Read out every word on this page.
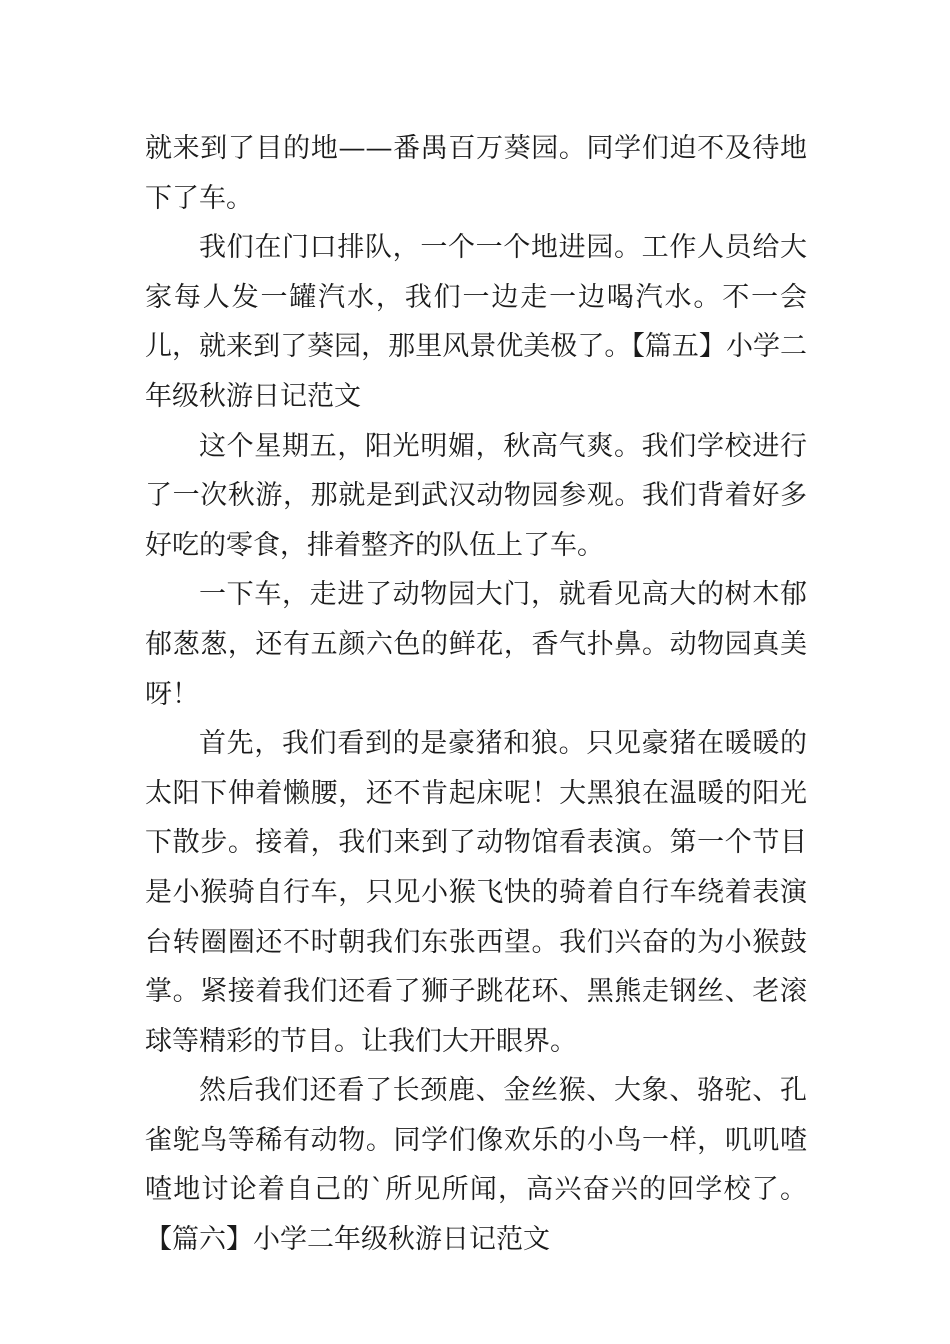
就来到了目的地——番禺百万葵园。同学们迫不及待地下了车。

我们在门口排队，一个一个地进园。工作人员给大家每人发一罐汽水，我们一边走一边喝汽水。不一会儿，就来到了葵园，那里风景优美极了。【篇五】小学二年级秋游日记范文

这个星期五，阳光明媚，秋高气爽。我们学校进行了一次秋游，那就是到武汉动物园参观。我们背着好多好吃的零食，排着整齐的队伍上了车。

一下车，走进了动物园大门，就看见高大的树木郁郁葱葱，还有五颜六色的鲜花，香气扑鼻。动物园真美呀！

首先，我们看到的是豪猪和狼。只见豪猪在暖暖的太阳下伸着懒腰，还不肯起床呢！大黑狼在温暖的阳光下散步。接着，我们来到了动物馆看表演。第一个节目是小猴骑自行车，只见小猴飞快的骑着自行车绕着表演台转圈圈还不时朝我们东张西望。我们兴奋的为小猴鼓掌。紧接着我们还看了狮子跳花环、黑熊走钢丝、老滚球等精彩的节目。让我们大开眼界。

然后我们还看了长颈鹿、金丝猴、大象、骆驼、孔雀鸵鸟等稀有动物。同学们像欢乐的小鸟一样，叽叽喳喳地讨论着自己的`所见所闻，高兴奋兴的回学校了。【篇六】小学二年级秋游日记范文
